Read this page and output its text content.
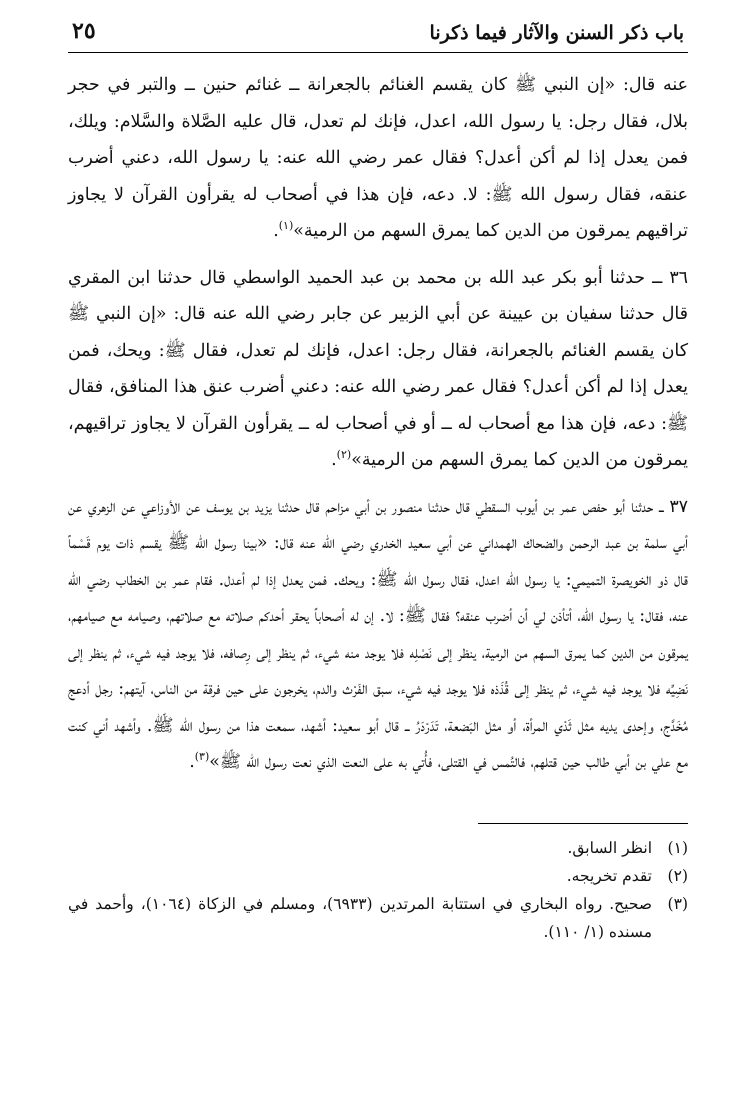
باب ذكر السنن والآثار فيما ذكرنا
٢٥

عنه قال: «إن النبي ﷺ كان يقسم الغنائم بالجعرانة ــ غنائم حنين ــ والتبر في حجر بلال، فقال رجل: يا رسول الله، اعدل، فإنك لم تعدل، قال عليه الصَّلاة والسَّلام: ويلك، فمن يعدل إذا لم أكن أعدل؟ فقال عمر رضي الله عنه: يا رسول الله، دعني أضرب عنقه، فقال رسول الله ﷺ: لا. دعه، فإن هذا في أصحاب له يقرأون القرآن لا يجاوز تراقيهم يمرقون من الدين كما يمرق السهم من الرمية»$^{(١)}$.

٣٦ ــ حدثنا أبو بكر عبد الله بن محمد بن عبد الحميد الواسطي قال حدثنا ابن المقري قال حدثنا سفيان بن عيينة عن أبي الزبير عن جابر رضي الله عنه قال: «إن النبي ﷺ كان يقسم الغنائم بالجعرانة، فقال رجل: اعدل، فإنك لم تعدل، فقال ﷺ: ويحك، فمن يعدل إذا لم أكن أعدل؟ فقال عمر رضي الله عنه: دعني أضرب عنق هذا المنافق، فقال ﷺ: دعه، فإن هذا مع أصحاب له ــ أو في أصحاب له ــ يقرأون القرآن لا يجاوز تراقيهم، يمرقون من الدين كما يمرق السهم من الرمية»$^{(٢)}$.

٣٧ ــ حدثنا أبو حفص عمر بن أيوب السقطي قال حدثنا منصور بن أبي مزاحم قال حدثنا يزيد بن يوسف عن الأوزاعي عن الزهري عن أبي سلمة بن عبد الرحمن والضحاك الهمداني عن أبي سعيد الخدري رضي الله عنه قال: «بينا رسول الله ﷺ يقسم ذات يوم قَسْماً قال ذو الخويصرة التميمي: يا رسول الله اعدل، فقال رسول الله ﷺ: ويحك. فمن يعدل إذا لم أعدل. فقام عمر بن الخطاب رضي الله عنه، فقال: يا رسول الله، أتأذن لي أن أضرب عنقه؟ فقال ﷺ: لا. إن له أصحاباً يحقر أحدكم صلاته مع صلاتهم، وصيامه مع صيامهم، يمرقون من الدين كما يمرق السهم من الرمية، ينظر إلى نَصْلِه فلا يوجد منه شيء، ثم ينظر إلى رِصافه، فلا يوجد فيه شيء، ثم ينظر إلى نَضِيِّه فلا يوجد فيه شيء، ثم ينظر إلى قُذَذه فلا يوجد فيه شيء، سبق الفَرْث والدم، يخرجون على حين فرقة من الناس، آيتهم: رجل أدعج مُخَدَّج، وإحدى يديه مثل ثَدْي المرأة، أو مثل البَضعة، تَدَرْدَرُ ــ قال أبو سعيد: أشهد، سمعت هذا من رسول الله ﷺ. وأشهد أني كنت مع علي بن أبي طالب حين قتلهم، فالتُمس في القتلى، فأُتي به على النعت الذي نعت رسول الله ﷺ»$^{(٣)}$.

(١)
انظر السابق.
(٢)
تقدم تخريجه.
(٣)
صحيح. رواه البخاري في استتابة المرتدين (٦٩٣٣)، ومسلم في الزكاة (١٠٦٤)، وأحمد في مسنده (١/ ١١٠).
